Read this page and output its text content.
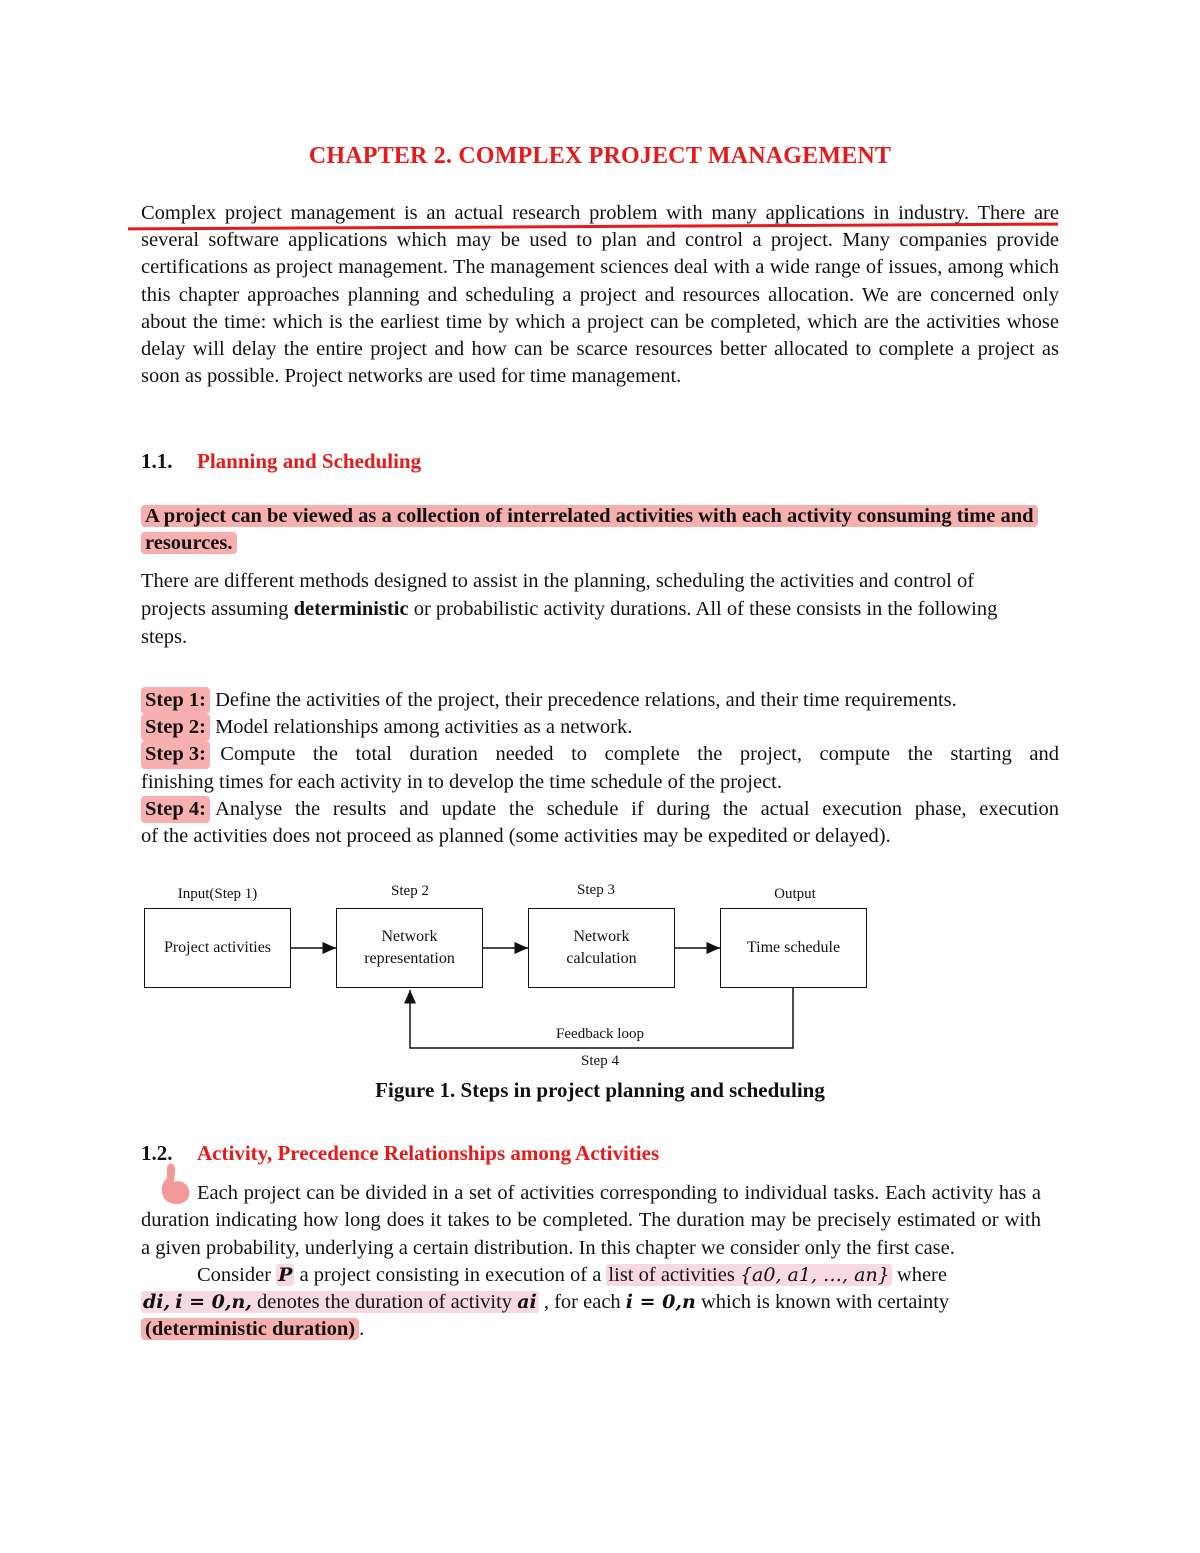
CHAPTER 2. COMPLEX PROJECT MANAGEMENT
Complex project management is an actual research problem with many applications in industry. There are several software applications which may be used to plan and control a project. Many companies provide certifications as project management. The management sciences deal with a wide range of issues, among which this chapter approaches planning and scheduling a project and resources allocation. We are concerned only about the time: which is the earliest time by which a project can be completed, which are the activities whose delay will delay the entire project and how can be scarce resources better allocated to complete a project as soon as possible. Project networks are used for time management.
1.1. Planning and Scheduling
A project can be viewed as a collection of interrelated activities with each activity consuming time and resources.
There are different methods designed to assist in the planning, scheduling the activities and control of projects assuming deterministic or probabilistic activity durations. All of these consists in the following steps.
Step 1:
Define the activities of the project, their precedence relations, and their time requirements.
Step 2:
Model relationships among activities as a network.
Step 3:
Compute the total duration needed to complete the project, compute the starting and
finishing times for each activity in to develop the time schedule of the project.
Step 4:
Analyse the results and update the schedule if during the actual execution phase, execution
of the activities does not proceed as planned (some activities may be expedited or delayed).
Input(Step 1)	Step 2	Step 3	Output
Project activities
Network
representation
Network
calculation
Time schedule
Feedback loop
Step 4
Figure 1. Steps in project planning and scheduling
1.2. Activity, Precedence Relationships among Activities
Each project can be divided in a set of activities corresponding to individual tasks. Each activity has a duration indicating how long does it takes to be completed. The duration may be precisely estimated or with a given probability, underlying a certain distribution. In this chapter we consider only the first case.
Consider P a project consisting in execution of a list of activities {a0, a1, …, an} where
di, i = 0,n, denotes the duration of activity ai , for each i = 0,n which is known with certainty
(deterministic duration) .
